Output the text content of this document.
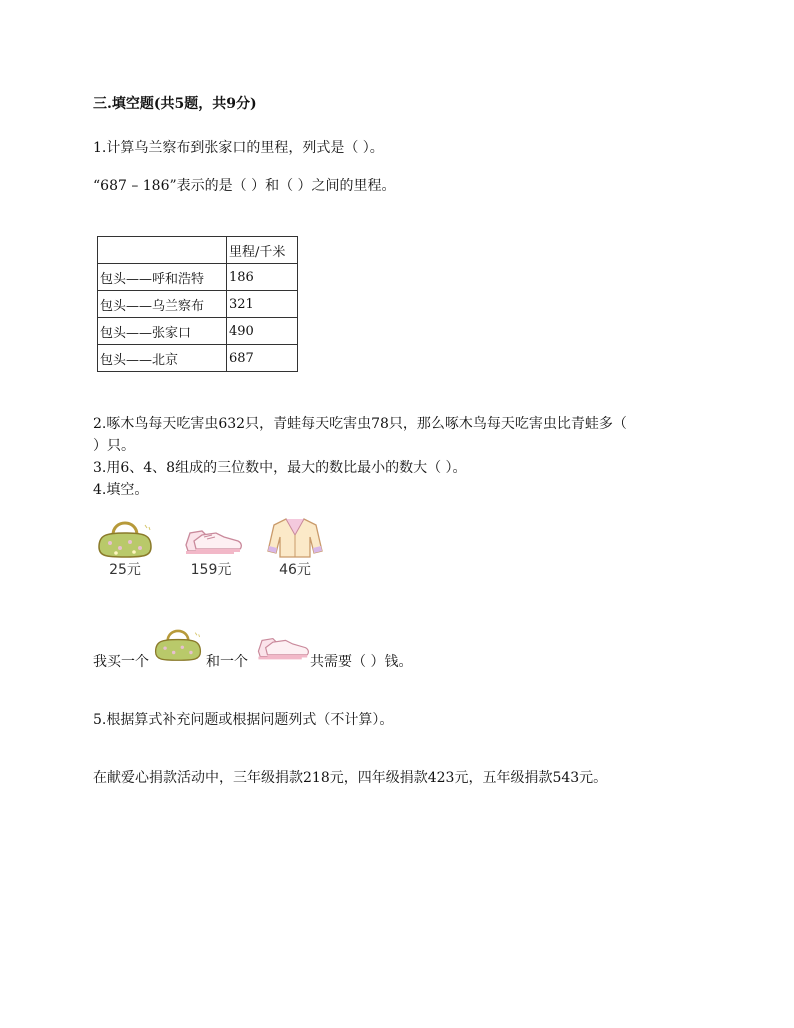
三.填空题(共5题，共9分)
1.计算乌兰察布到张家口的里程，列式是（ ）。
“687 – 186”表示的是（ ）和（ ）之间的里程。
	里程/千米
包头——呼和浩特	186
包头——乌兰察布	321
包头——张家口	490
包头——北京	687
2.啄木鸟每天吃害虫632只，青蛙每天吃害虫78只，那么啄木鸟每天吃害虫比青蛙多（
）只。
3.用6、4、8组成的三位数中，最大的数比最小的数大（ ）。
4.填空。
25元	159元	46元
我买一个	和一个	共需要（ ）钱。
5.根据算式补充问题或根据问题列式（不计算）。
在献爱心捐款活动中，三年级捐款218元，四年级捐款423元，五年级捐款543元。
